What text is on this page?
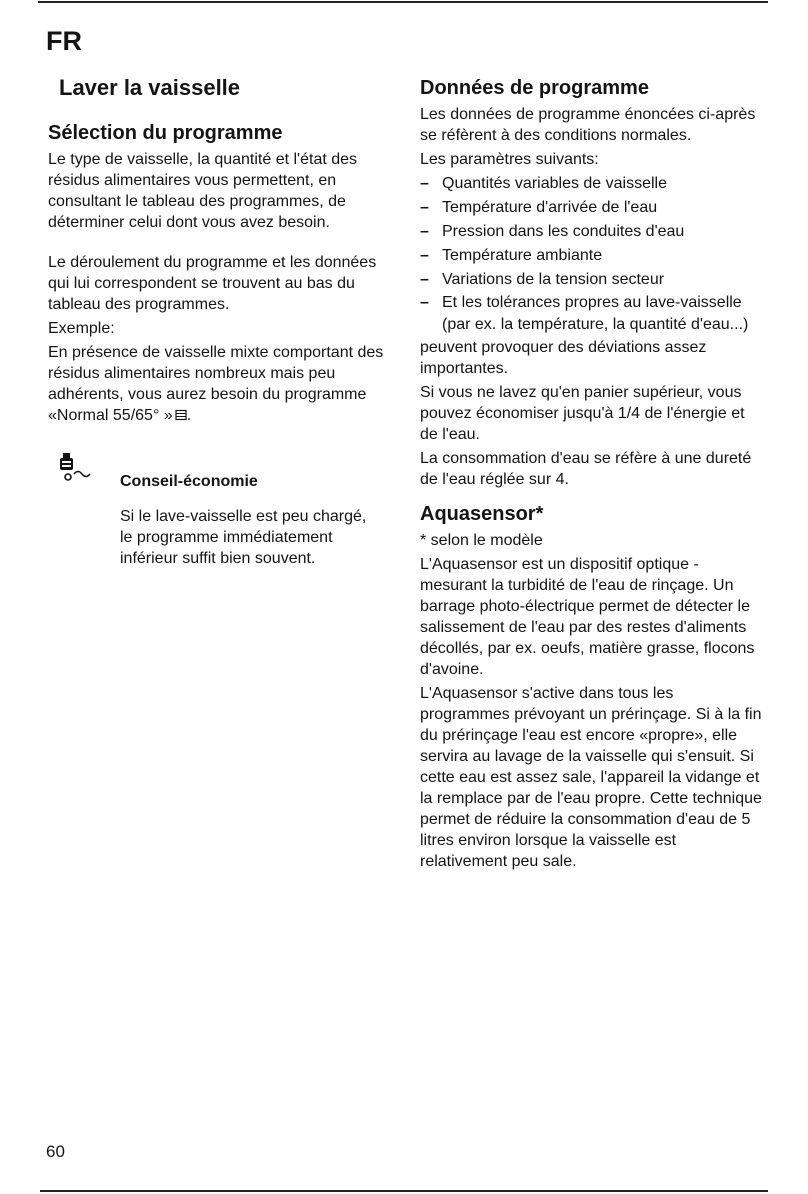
FR
Laver la vaisselle
Sélection du programme

Le type de vaisselle, la quantité et l'état des résidus alimentaires vous permettent, en consultant le tableau des programmes, de déterminer celui dont vous avez besoin.

Le déroulement du programme et les données qui lui correspondent se trouvent au bas du tableau des programmes.

Exemple:

En présence de vaisselle mixte comportant des résidus alimentaires nombreux mais peu adhérents, vous aurez besoin du programme «Normal 55/65° » .

Conseil-économie
Si le lave-vaisselle est peu chargé, le programme immédiatement inférieur suffit bien souvent.
Données de programme

Les données de programme énoncées ci-après se réfèrent à des conditions normales.

Les paramètres suivants:

– Quantités variables de vaisselle
– Température d'arrivée de l'eau
– Pression dans les conduites d'eau
– Température ambiante
– Variations de la tension secteur
– Et les tolérances propres au lave-vaisselle (par ex. la température, la quantité d'eau...)

peuvent provoquer des déviations assez importantes.

Si vous ne lavez qu'en panier supérieur, vous pouvez économiser jusqu'à 1/4 de l'énergie et de l'eau.

La consommation d'eau se réfère à une dureté de l'eau réglée sur 4.

Aquasensor*

* selon le modèle

L'Aquasensor est un dispositif optique - mesurant la turbidité de l'eau de rinçage. Un barrage photo-électrique permet de détecter le salissement de l'eau par des restes d'aliments décollés, par ex. oeufs, matière grasse, flocons d'avoine.

L'Aquasensor s'active dans tous les programmes prévoyant un prérinçage. Si à la fin du prérinçage l'eau est encore «propre», elle servira au lavage de la vaisselle qui s'ensuit. Si cette eau est assez sale, l'appareil la vidange et la remplace par de l'eau propre. Cette technique permet de réduire la consommation d'eau de 5 litres environ lorsque la vaisselle est relativement peu sale.

60
